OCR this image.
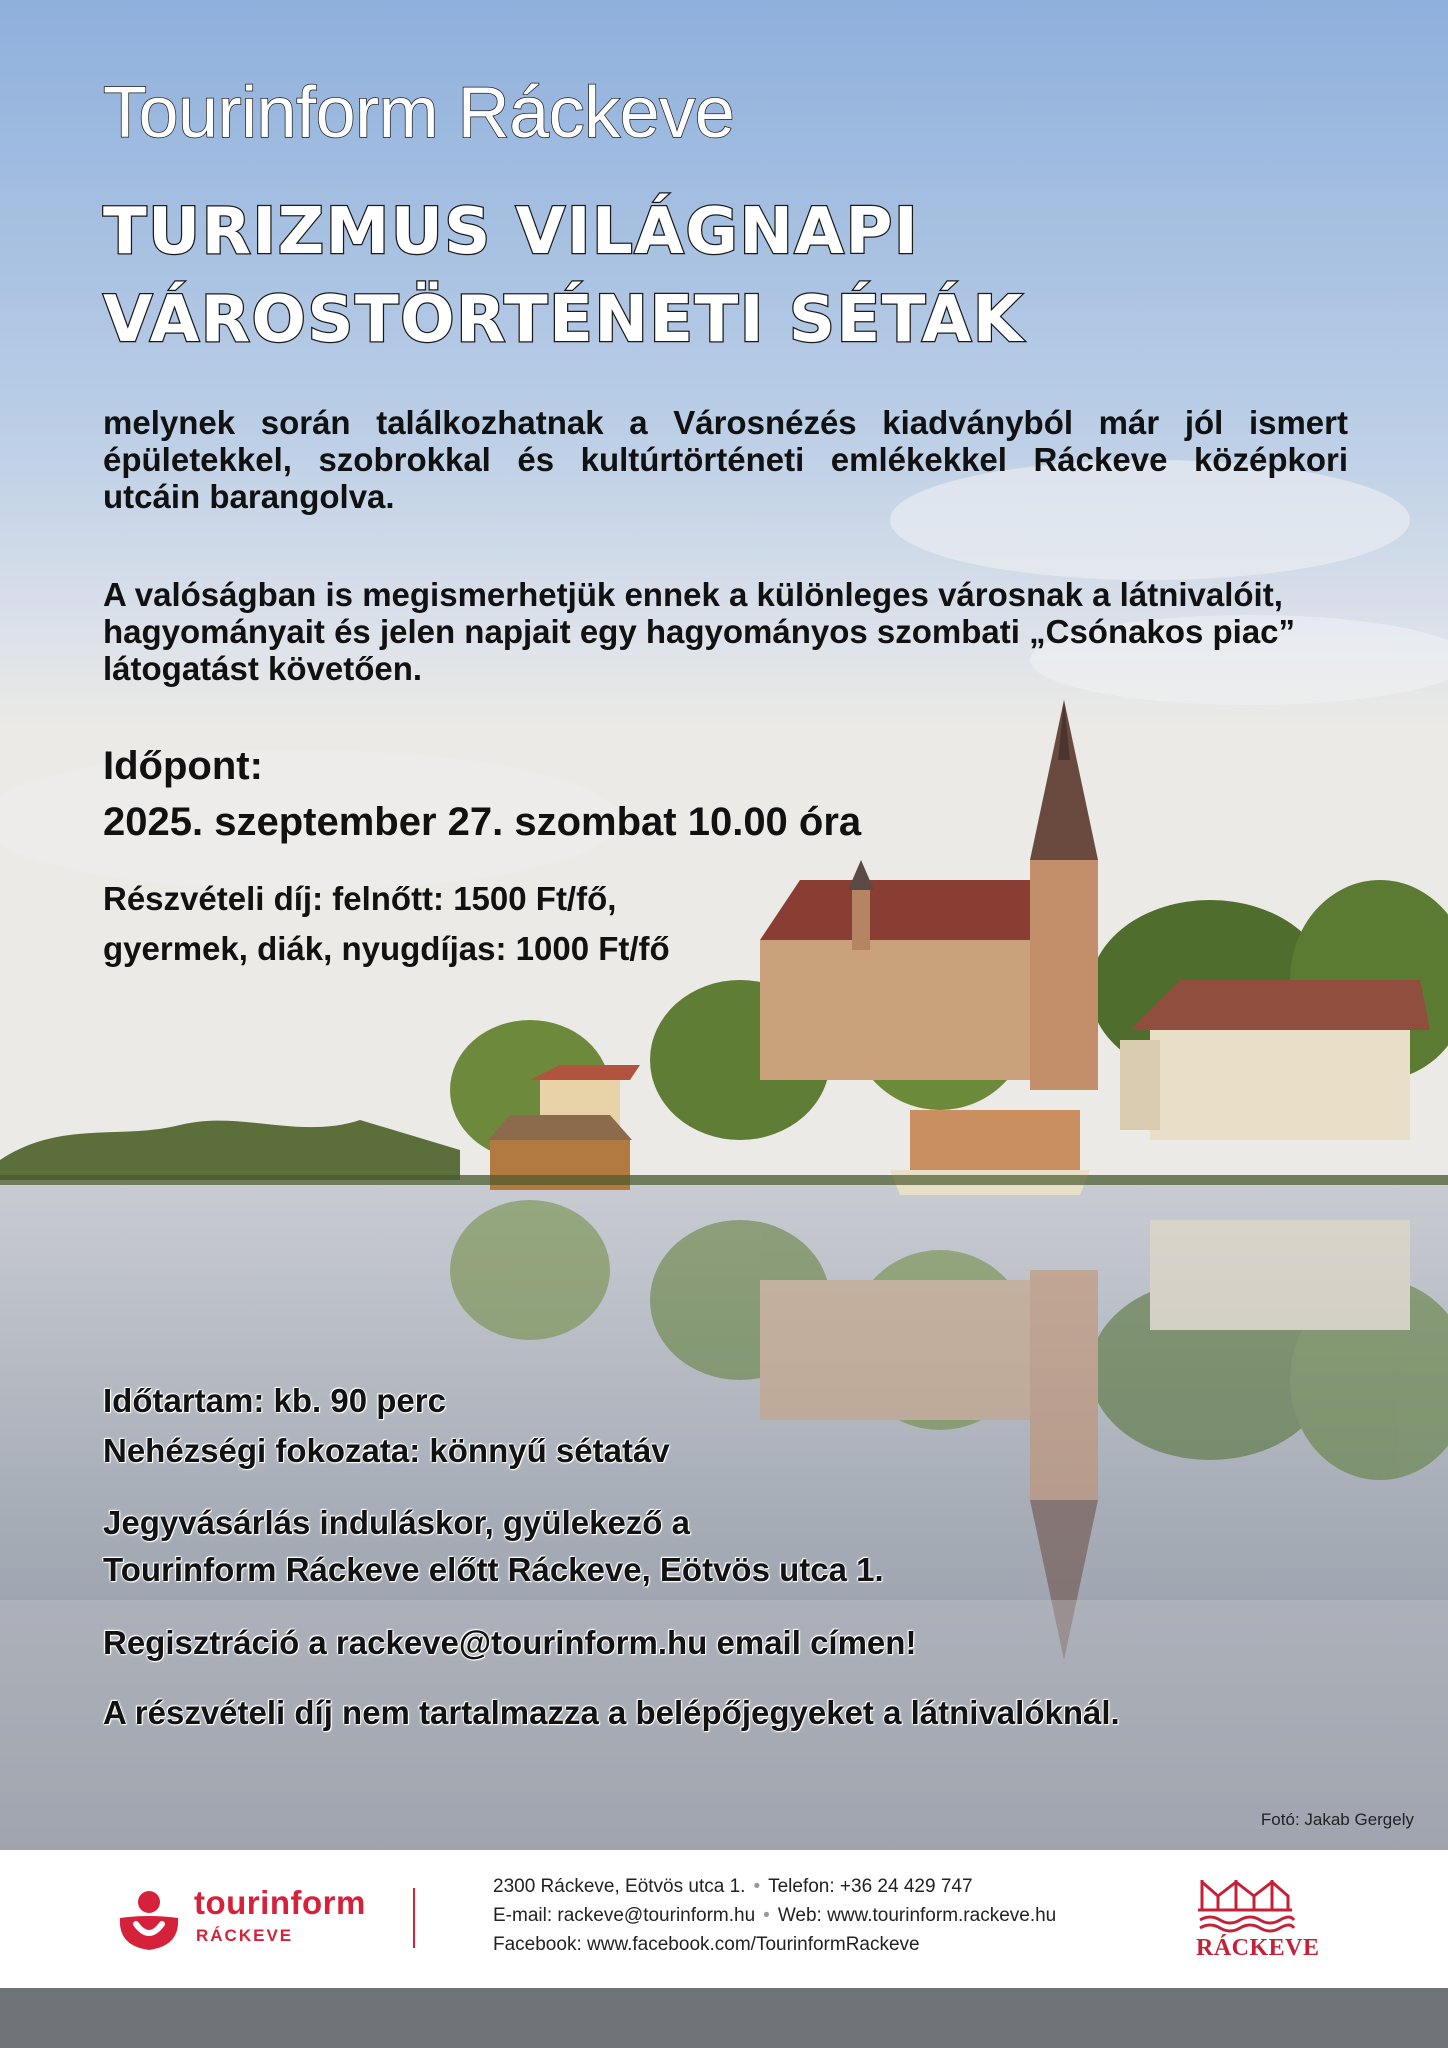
Tourinform Ráckeve
TURIZMUS VILÁGNAPI
VÁROSTÖRTÉNETI SÉTÁK
melynek során találkozhatnak a Városnézés kiadványból már jól ismert épületekkel, szobrokkal és kultúrtörténeti emlékekkel Ráckeve középkori utcáin barangolva.
A valóságban is megismerhetjük ennek a különleges városnak a látnivalóit, hagyományait és jelen napjait egy hagyományos szombati „Csónakos piac” látogatást követően.
Időpont:
2025. szeptember 27. szombat 10.00 óra
Részvételi díj: felnőtt: 1500 Ft/fő,
gyermek, diák, nyugdíjas: 1000 Ft/fő
Időtartam: kb. 90 perc
Nehézségi fokozata: könnyű sétatáv
Jegyvásárlás induláskor, gyülekező a
Tourinform Ráckeve előtt Ráckeve, Eötvös utca 1.
Regisztráció a rackeve@tourinform.hu email címen!
A részvételi díj nem tartalmazza a belépőjegyeket a látnivalóknál.
Fotó: Jakab Gergely
tourinform
RÁCKEVE
2300 Ráckeve, Eötvös utca 1. • Telefon: +36 24 429 747
E-mail: rackeve@tourinform.hu • Web: www.tourinform.rackeve.hu
Facebook: www.facebook.com/TourinformRackeve	RÁCKEVE
